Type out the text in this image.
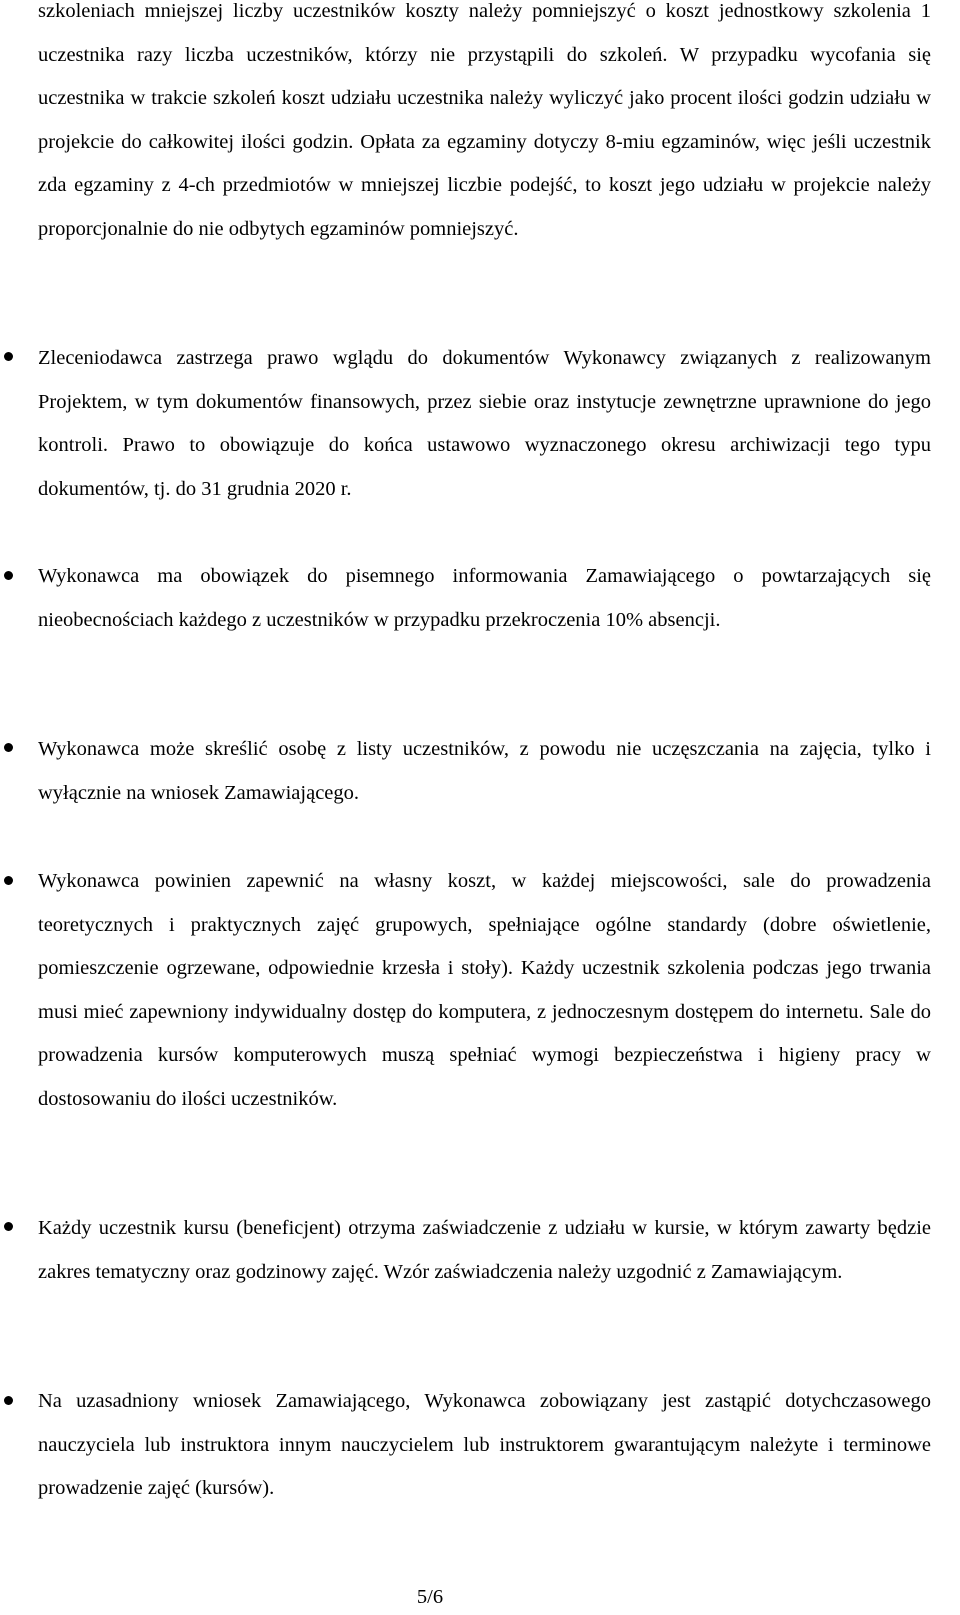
szkoleniach mniejszej liczby uczestników koszty należy pomniejszyć o koszt jednostkowy szkolenia 1 uczestnika razy liczba uczestników, którzy nie przystąpili do szkoleń. W przypadku wycofania się uczestnika w trakcie szkoleń koszt udziału uczestnika należy wyliczyć jako procent ilości godzin udziału w projekcie do całkowitej ilości godzin. Opłata za egzaminy dotyczy 8-miu egzaminów, więc jeśli uczestnik zda egzaminy z 4-ch przedmiotów w mniejszej liczbie podejść, to koszt jego udziału w projekcie należy proporcjonalnie do nie odbytych egzaminów pomniejszyć.

Zleceniodawca zastrzega prawo wglądu do dokumentów Wykonawcy związanych z realizowanym Projektem, w tym dokumentów finansowych, przez siebie oraz instytucje zewnętrzne uprawnione do jego kontroli. Prawo to obowiązuje do końca ustawowo wyznaczonego okresu archiwizacji tego typu dokumentów, tj. do 31 grudnia 2020 r.

Wykonawca ma obowiązek do pisemnego informowania Zamawiającego o powtarzających się nieobecnościach każdego z uczestników w przypadku przekroczenia 10% absencji.

Wykonawca może skreślić osobę z listy uczestników, z powodu nie uczęszczania na zajęcia, tylko i wyłącznie na wniosek Zamawiającego.

Wykonawca powinien zapewnić na własny koszt, w każdej miejscowości, sale do prowadzenia teoretycznych i praktycznych zajęć grupowych, spełniające ogólne standardy (dobre oświetlenie, pomieszczenie ogrzewane, odpowiednie krzesła i stoły). Każdy uczestnik szkolenia podczas jego trwania musi mieć zapewniony indywidualny dostęp do komputera, z jednoczesnym dostępem do internetu. Sale do prowadzenia kursów komputerowych muszą spełniać wymogi bezpieczeństwa i higieny pracy w dostosowaniu do ilości uczestników.

Każdy uczestnik kursu (beneficjent) otrzyma zaświadczenie z udziału w kursie, w którym zawarty będzie zakres tematyczny oraz godzinowy zajęć. Wzór zaświadczenia należy uzgodnić z Zamawiającym.

Na uzasadniony wniosek Zamawiającego, Wykonawca zobowiązany jest zastąpić dotychczasowego nauczyciela lub instruktora innym nauczycielem lub instruktorem gwarantującym należyte i terminowe prowadzenie zajęć (kursów).

5/6
